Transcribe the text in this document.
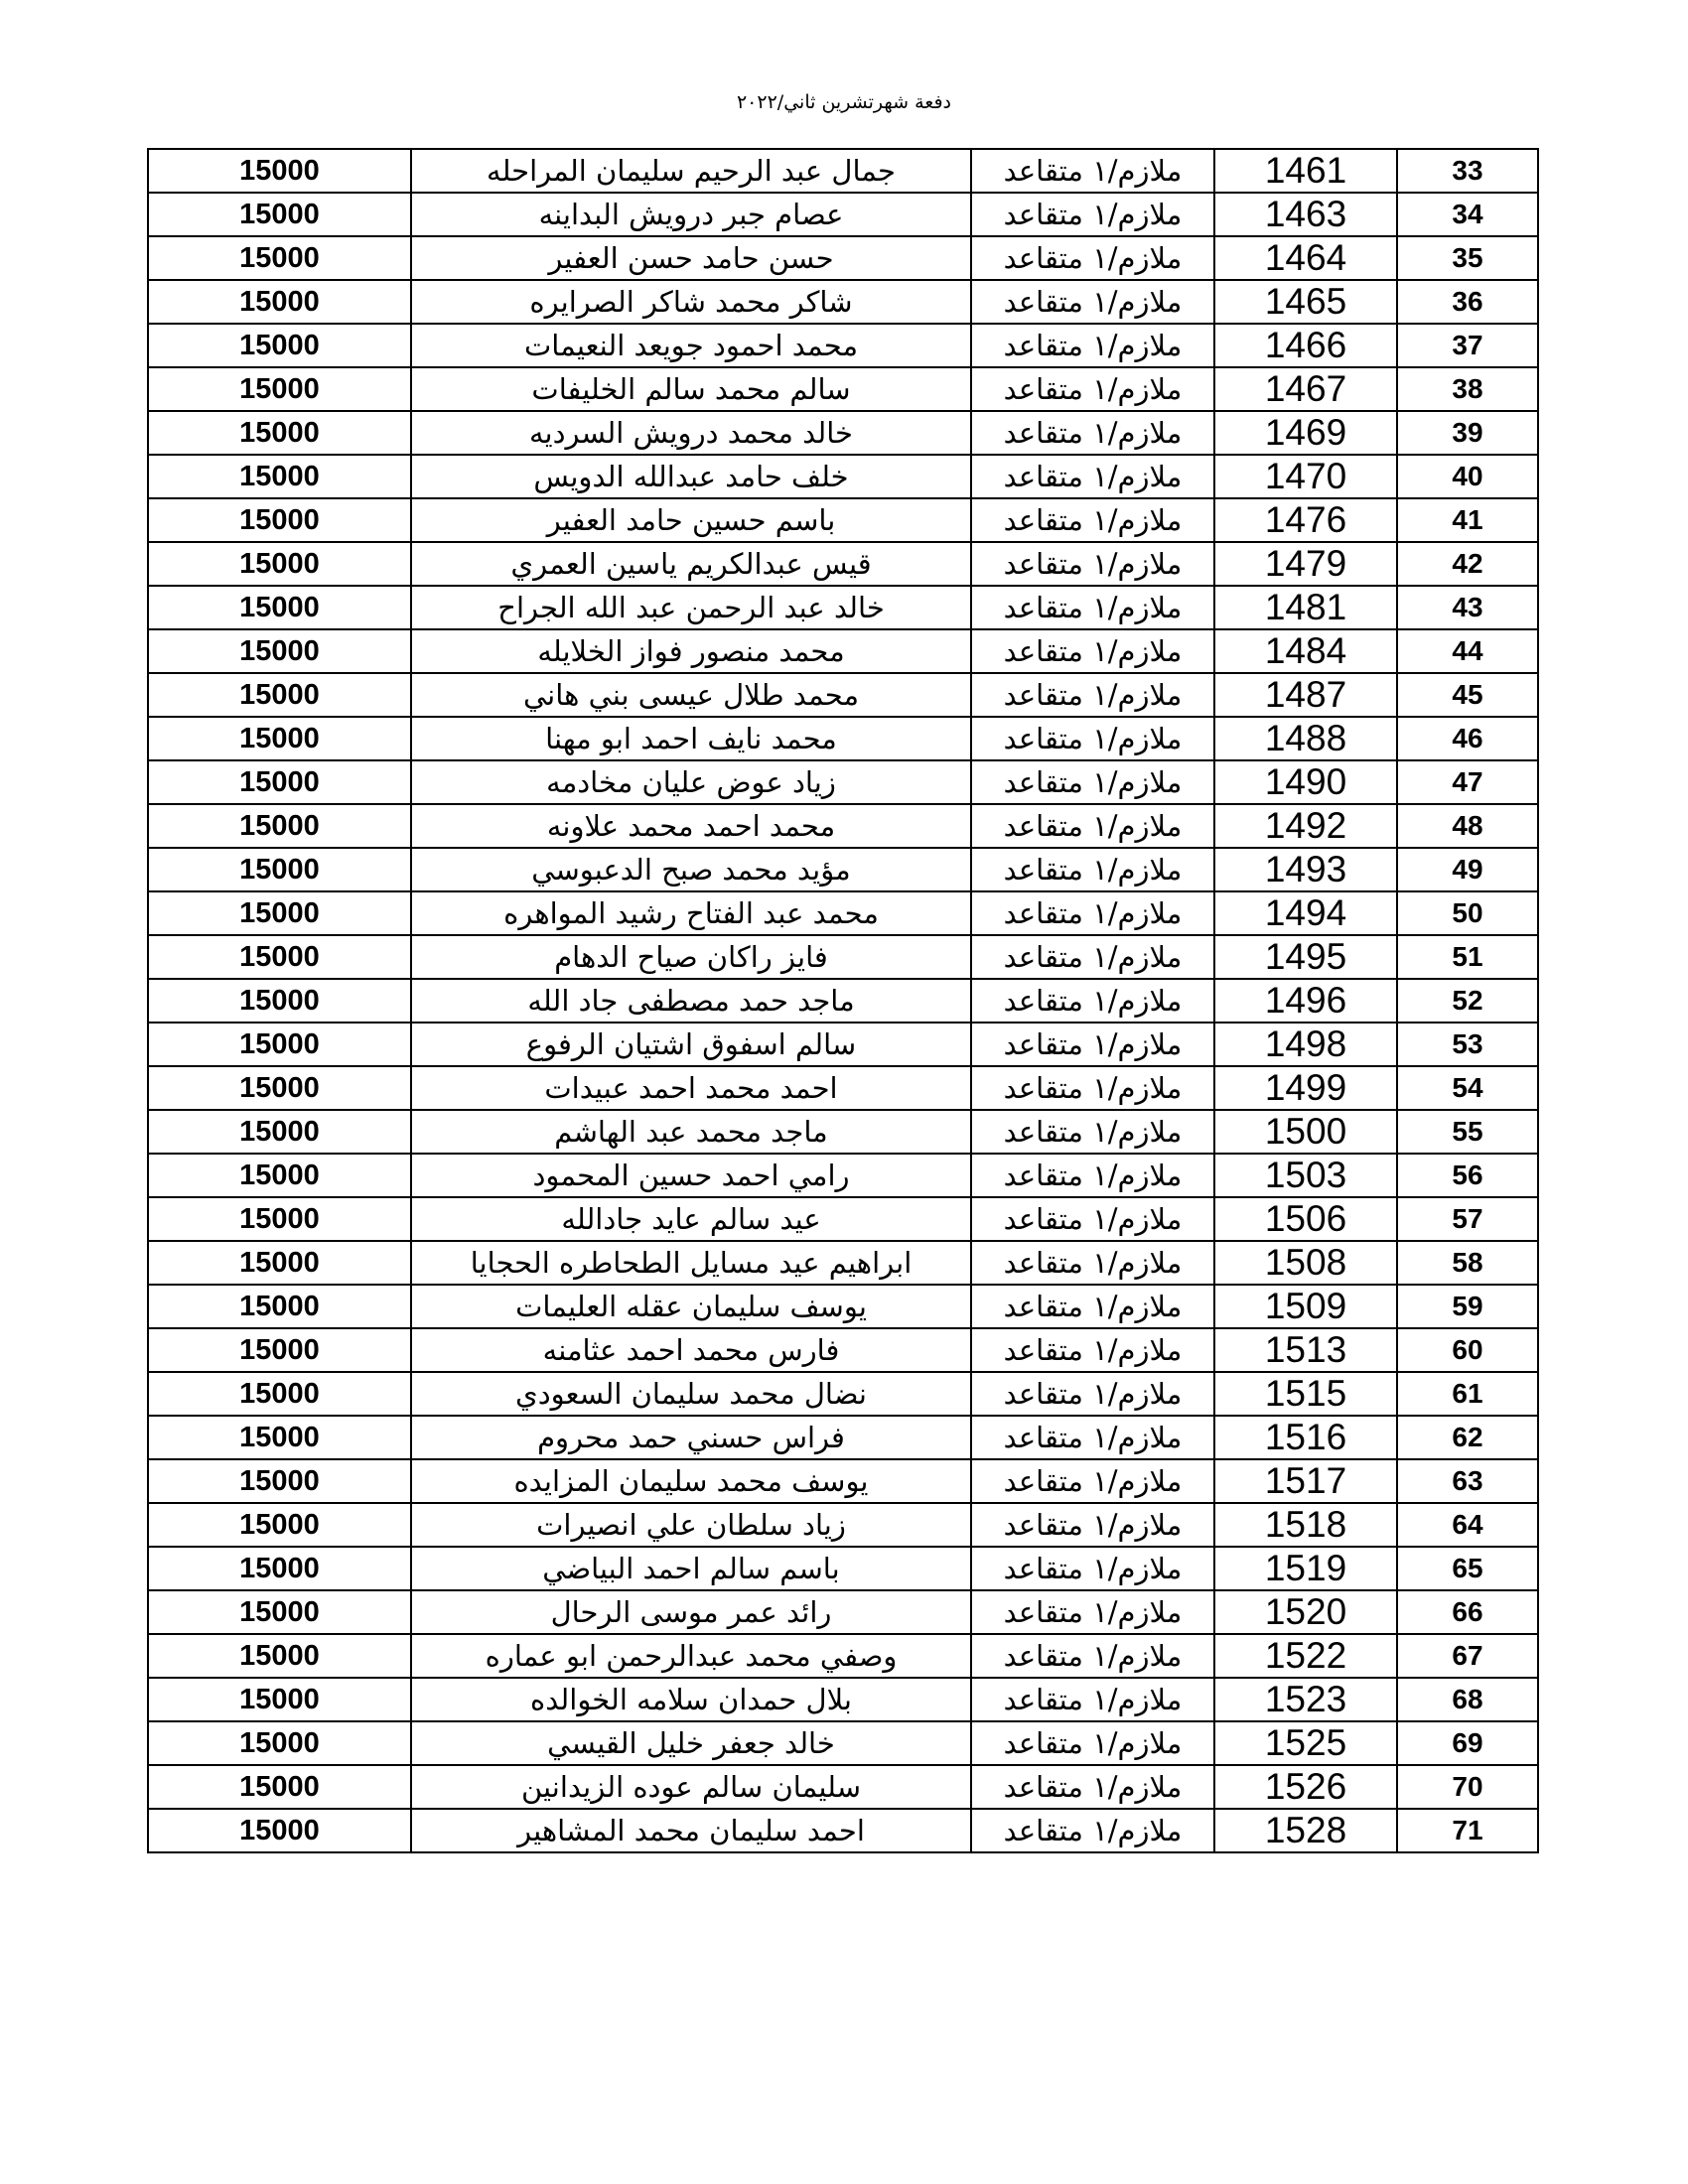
دفعة شهرتشرين ثاني/٢٠٢٢
33	1461	ملازم/١ متقاعد	جمال عبد الرحيم سليمان المراحله	15000
34	1463	ملازم/١ متقاعد	عصام جبر درويش البداينه	15000
35	1464	ملازم/١ متقاعد	حسن حامد حسن العفير	15000
36	1465	ملازم/١ متقاعد	شاكر محمد شاكر الصرايره	15000
37	1466	ملازم/١ متقاعد	محمد احمود جويعد النعيمات	15000
38	1467	ملازم/١ متقاعد	سالم محمد سالم الخليفات	15000
39	1469	ملازم/١ متقاعد	خالد محمد درويش السرديه	15000
40	1470	ملازم/١ متقاعد	خلف حامد عبدالله الدويس	15000
41	1476	ملازم/١ متقاعد	باسم حسين حامد العفير	15000
42	1479	ملازم/١ متقاعد	قيس عبدالكريم ياسين العمري	15000
43	1481	ملازم/١ متقاعد	خالد عبد الرحمن عبد الله الجراح	15000
44	1484	ملازم/١ متقاعد	محمد منصور فواز الخلايله	15000
45	1487	ملازم/١ متقاعد	محمد طلال عيسى بني هاني	15000
46	1488	ملازم/١ متقاعد	محمد نايف احمد ابو مهنا	15000
47	1490	ملازم/١ متقاعد	زياد عوض عليان مخادمه	15000
48	1492	ملازم/١ متقاعد	محمد احمد محمد علاونه	15000
49	1493	ملازم/١ متقاعد	مؤيد محمد صبح الدعبوسي	15000
50	1494	ملازم/١ متقاعد	محمد عبد الفتاح رشيد المواهره	15000
51	1495	ملازم/١ متقاعد	فايز راكان صياح الدهام	15000
52	1496	ملازم/١ متقاعد	ماجد حمد مصطفى جاد الله	15000
53	1498	ملازم/١ متقاعد	سالم اسفوق اشتيان الرفوع	15000
54	1499	ملازم/١ متقاعد	احمد محمد احمد عبيدات	15000
55	1500	ملازم/١ متقاعد	ماجد محمد عبد الهاشم	15000
56	1503	ملازم/١ متقاعد	رامي احمد حسين المحمود	15000
57	1506	ملازم/١ متقاعد	عيد سالم عايد جادالله	15000
58	1508	ملازم/١ متقاعد	ابراهيم عيد مسايل الطحاطره الحجايا	15000
59	1509	ملازم/١ متقاعد	يوسف سليمان عقله العليمات	15000
60	1513	ملازم/١ متقاعد	فارس محمد احمد عثامنه	15000
61	1515	ملازم/١ متقاعد	نضال محمد سليمان السعودي	15000
62	1516	ملازم/١ متقاعد	فراس حسني حمد محروم	15000
63	1517	ملازم/١ متقاعد	يوسف محمد سليمان المزايده	15000
64	1518	ملازم/١ متقاعد	زياد سلطان علي انصيرات	15000
65	1519	ملازم/١ متقاعد	باسم سالم احمد البياضي	15000
66	1520	ملازم/١ متقاعد	رائد عمر موسى الرحال	15000
67	1522	ملازم/١ متقاعد	وصفي محمد عبدالرحمن ابو عماره	15000
68	1523	ملازم/١ متقاعد	بلال حمدان سلامه الخوالده	15000
69	1525	ملازم/١ متقاعد	خالد جعفر خليل القيسي	15000
70	1526	ملازم/١ متقاعد	سليمان سالم عوده الزيدانين	15000
71	1528	ملازم/١ متقاعد	احمد سليمان محمد المشاهير	15000
